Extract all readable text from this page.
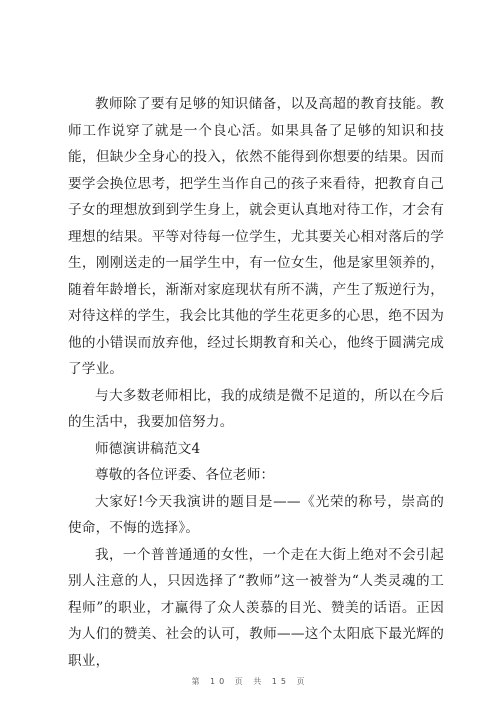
教师除了要有足够的知识储备，以及高超的教育技能。教师工作说穿了就是一个良心活。如果具备了足够的知识和技能，但缺少全身心的投入，依然不能得到你想要的结果。因而要学会换位思考，把学生当作自己的孩子来看待，把教育自己子女的理想放到到学生身上，就会更认真地对待工作，才会有理想的结果。平等对待每一位学生，尤其要关心相对落后的学生，刚刚送走的一届学生中，有一位女生，他是家里领养的，随着年龄增长，渐渐对家庭现状有所不满，产生了叛逆行为，对待这样的学生，我会比其他的学生花更多的心思，绝不因为他的小错误而放弃他，经过长期教育和关心，他终于圆满完成了学业。

与大多数老师相比，我的成绩是微不足道的，所以在今后的生活中，我要加倍努力。

师德演讲稿范文4

尊敬的各位评委、各位老师：

大家好!今天我演讲的题目是——《光荣的称号，崇高的使命，不悔的选择》。

我，一个普普通通的女性，一个走在大街上绝对不会引起别人注意的人，只因选择了“教师”这一被誉为“人类灵魂的工程师”的职业，才赢得了众人羡慕的目光、赞美的话语。正因为人们的赞美、社会的认可，教师——这个太阳底下最光辉的职业，

第 10 页 共 15 页
